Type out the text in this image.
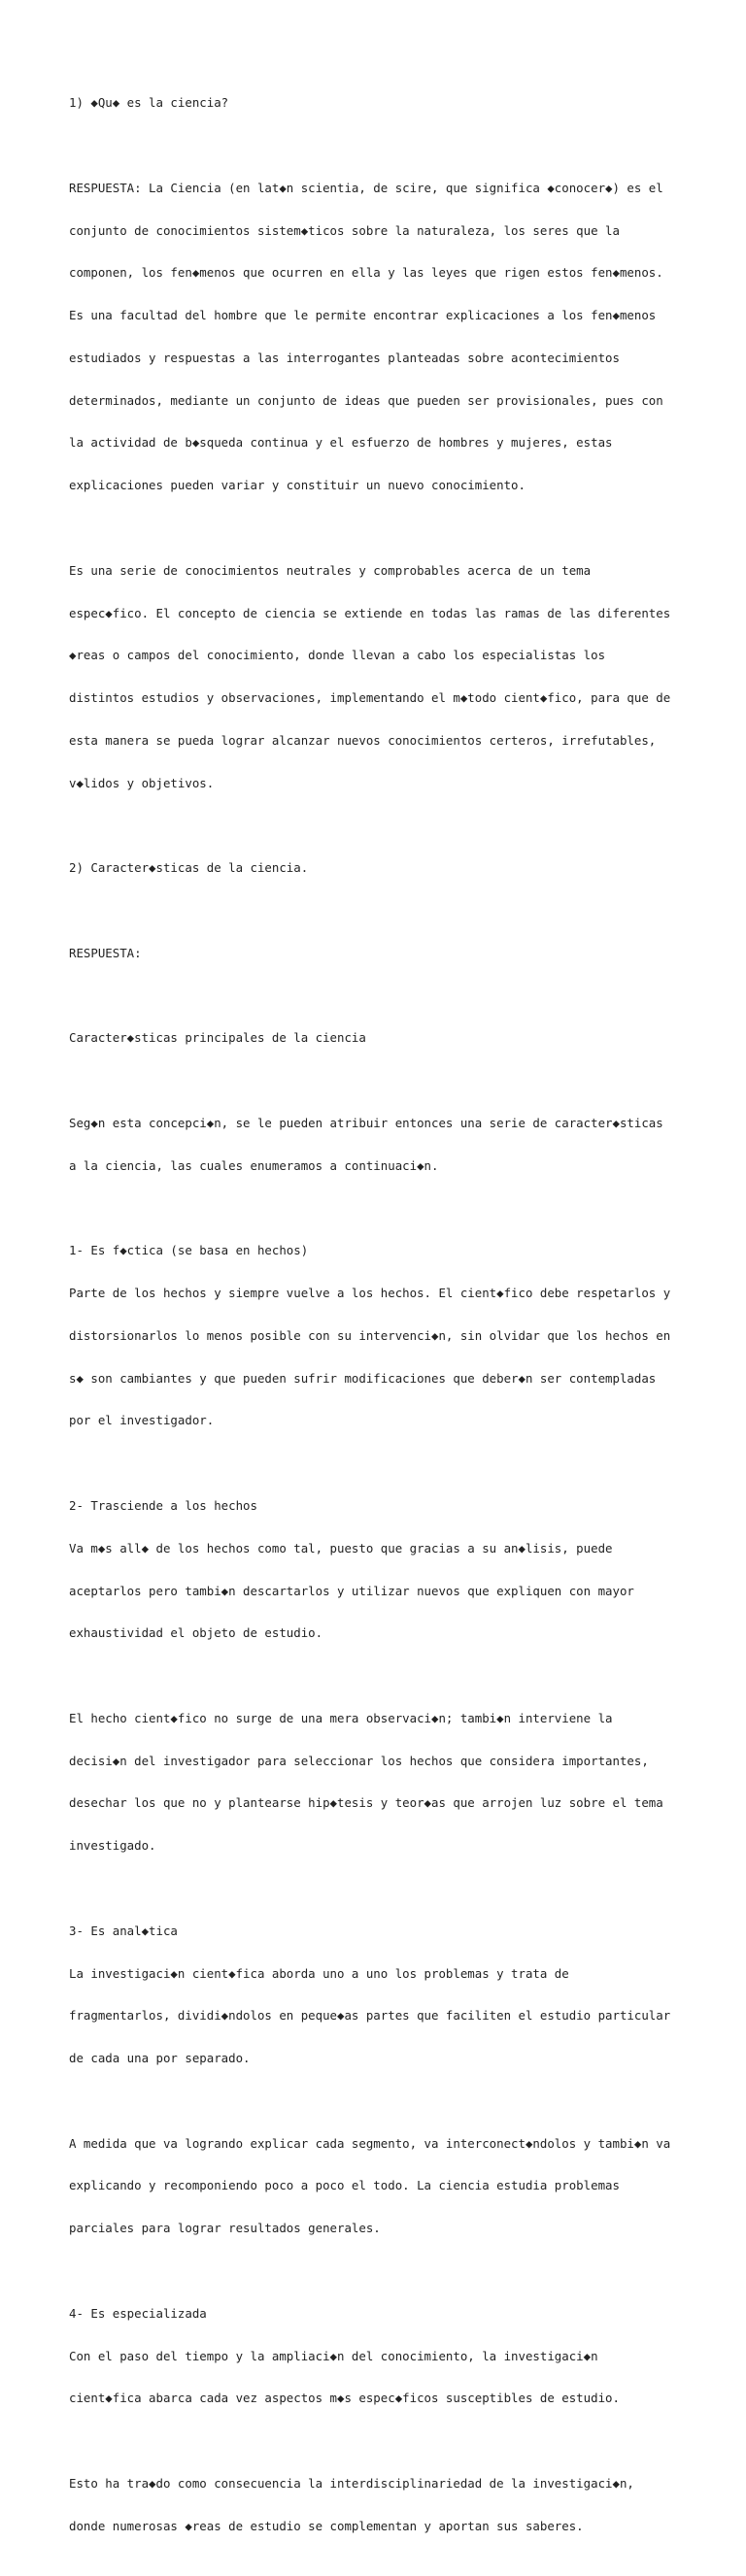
1) ◆Qu◆ es la ciencia?

RESPUESTA: La Ciencia (en lat◆n scientia, de scire, que significa ◆conocer◆) es el

conjunto de conocimientos sistem◆ticos sobre la naturaleza, los seres que la

componen, los fen◆menos que ocurren en ella y las leyes que rigen estos fen◆menos.

Es una facultad del hombre que le permite encontrar explicaciones a los fen◆menos

estudiados y respuestas a las interrogantes planteadas sobre acontecimientos

determinados, mediante un conjunto de ideas que pueden ser provisionales, pues con

la actividad de b◆squeda continua y el esfuerzo de hombres y mujeres, estas

explicaciones pueden variar y constituir un nuevo conocimiento.

Es una serie de conocimientos neutrales y comprobables acerca de un tema

espec◆fico. El concepto de ciencia se extiende en todas las ramas de las diferentes

◆reas o campos del conocimiento, donde llevan a cabo los especialistas los

distintos estudios y observaciones, implementando el m◆todo cient◆fico, para que de

esta manera se pueda lograr alcanzar nuevos conocimientos certeros, irrefutables,

v◆lidos y objetivos.

2) Caracter◆sticas de la ciencia.

RESPUESTA:

Caracter◆sticas principales de la ciencia

Seg◆n esta concepci◆n, se le pueden atribuir entonces una serie de caracter◆sticas

a la ciencia, las cuales enumeramos a continuaci◆n.

1- Es f◆ctica (se basa en hechos)

Parte de los hechos y siempre vuelve a los hechos. El cient◆fico debe respetarlos y

distorsionarlos lo menos posible con su intervenci◆n, sin olvidar que los hechos en

s◆ son cambiantes y que pueden sufrir modificaciones que deber◆n ser contempladas

por el investigador.

2- Trasciende a los hechos

Va m◆s all◆ de los hechos como tal, puesto que gracias a su an◆lisis, puede

aceptarlos pero tambi◆n descartarlos y utilizar nuevos que expliquen con mayor

exhaustividad el objeto de estudio.

El hecho cient◆fico no surge de una mera observaci◆n; tambi◆n interviene la

decisi◆n del investigador para seleccionar los hechos que considera importantes,

desechar los que no y plantearse hip◆tesis y teor◆as que arrojen luz sobre el tema

investigado.

3- Es anal◆tica

La investigaci◆n cient◆fica aborda uno a uno los problemas y trata de

fragmentarlos, dividi◆ndolos en peque◆as partes que faciliten el estudio particular

de cada una por separado.

A medida que va logrando explicar cada segmento, va interconect◆ndolos y tambi◆n va

explicando y recomponiendo poco a poco el todo. La ciencia estudia problemas

parciales para lograr resultados generales.

4- Es especializada

Con el paso del tiempo y la ampliaci◆n del conocimiento, la investigaci◆n

cient◆fica abarca cada vez aspectos m◆s espec◆ficos susceptibles de estudio.

Esto ha tra◆do como consecuencia la interdisciplinariedad de la investigaci◆n,

donde numerosas ◆reas de estudio se complementan y aportan sus saberes.
